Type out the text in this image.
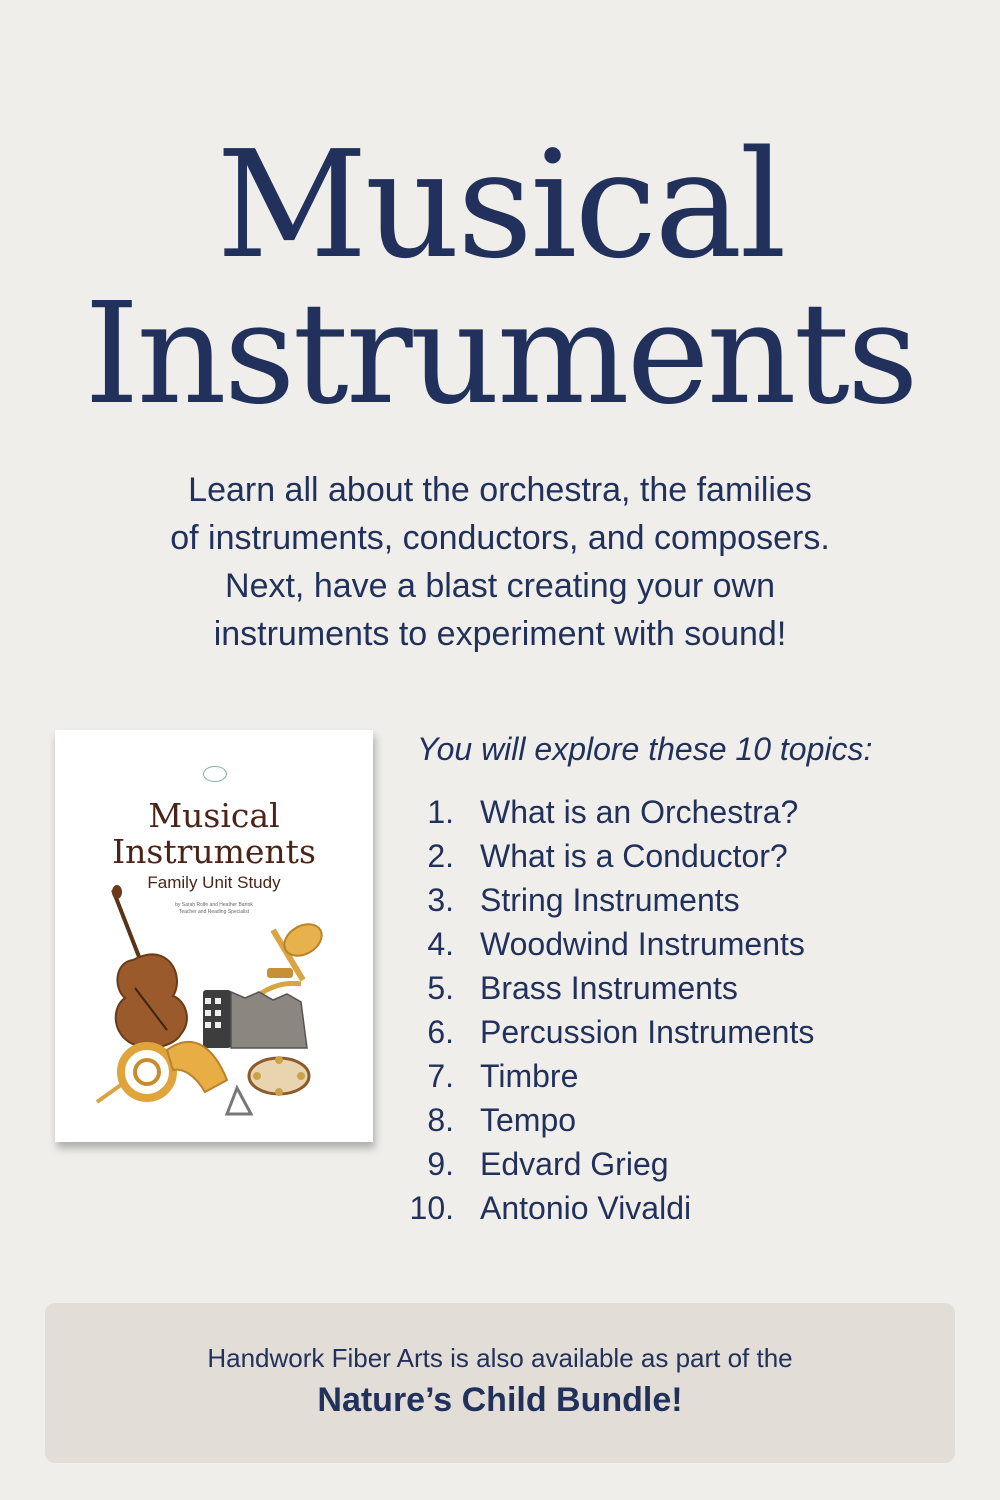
Musical
Instruments
Learn all about the orchestra, the families
of instruments, conductors, and composers.
Next, have a blast creating your own
instruments to experiment with sound!
Musical
Instruments
Family Unit Study
by Sarah Rolfe and Heather Bartok
Teacher and Reading Specialist
You will explore these 10 topics:
1. What is an Orchestra?
2. What is a Conductor?
3. String Instruments
4. Woodwind Instruments
5. Brass Instruments
6. Percussion Instruments
7. Timbre
8. Tempo
9. Edvard Grieg
10. Antonio Vivaldi
Handwork Fiber Arts is also available as part of the
Nature’s Child Bundle!
